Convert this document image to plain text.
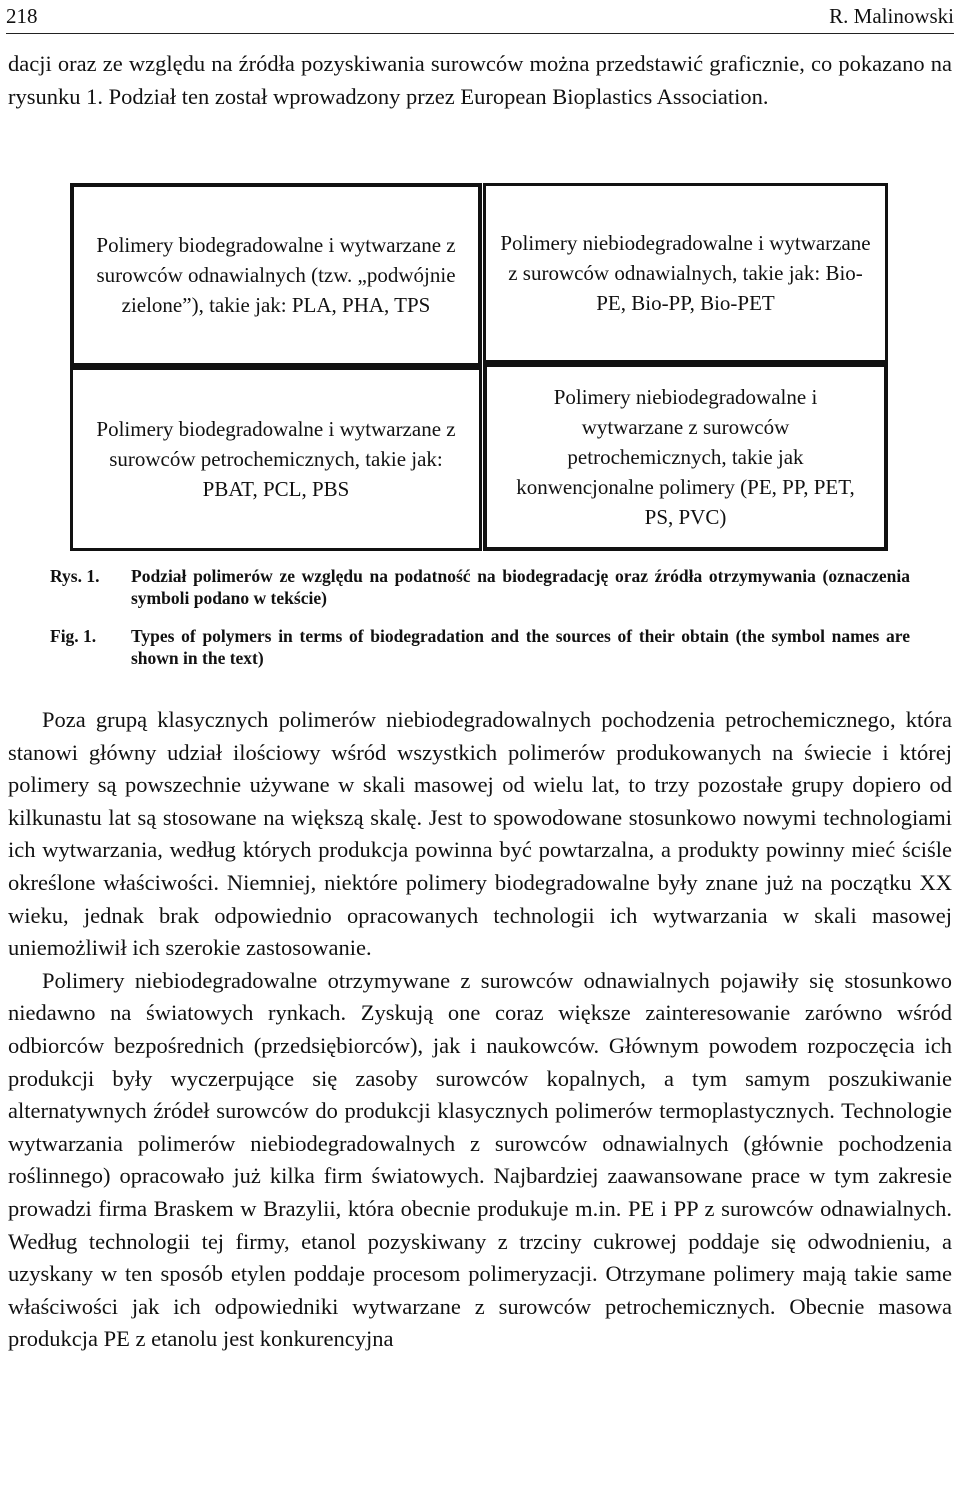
218	R. Malinowski
dacji oraz ze względu na źródła pozyskiwania surowców można przedstawić graficznie, co pokazano na rysunku 1. Podział ten został wprowadzony przez European Bioplastics Association.
Polimery biodegradowalne i wytwarzane z surowców odnawialnych (tzw. „podwójnie zielone”), takie jak: PLA, PHA, TPS
Polimery niebiodegradowalne i wytwarzane z surowców odnawialnych, takie jak: Bio-PE, Bio-PP, Bio-PET
Polimery biodegradowalne i wytwarzane z surowców petrochemicznych, takie jak: PBAT, PCL, PBS
Polimery niebiodegradowalne i wytwarzane z surowców petrochemicznych, takie jak konwencjonalne polimery (PE, PP, PET, PS, PVC)
Rys. 1.	Podział polimerów ze względu na podatność na biodegradację oraz źródła otrzymywania (oznaczenia symboli podano w tekście)
Fig. 1.	Types of polymers in terms of biodegradation and the sources of their obtain (the symbol names are shown in the text)

Poza grupą klasycznych polimerów niebiodegradowalnych pochodzenia petrochemicznego, która stanowi główny udział ilościowy wśród wszystkich polimerów produkowanych na świecie i której polimery są powszechnie używane w skali masowej od wielu lat, to trzy pozostałe grupy dopiero od kilkunastu lat są stosowane na większą skalę. Jest to spowodowane stosunkowo nowymi technologiami ich wytwarzania, według których produkcja powinna być powtarzalna, a produkty powinny mieć ściśle określone właściwości. Niemniej, niektóre polimery biodegradowalne były znane już na początku XX wieku, jednak brak odpowiednio opracowanych technologii ich wytwarzania w skali masowej uniemożliwił ich szerokie zastosowanie.

Polimery niebiodegradowalne otrzymywane z surowców odnawialnych pojawiły się stosunkowo niedawno na światowych rynkach. Zyskują one coraz większe zainteresowanie zarówno wśród odbiorców bezpośrednich (przedsiębiorców), jak i naukowców. Głównym powodem rozpoczęcia ich produkcji były wyczerpujące się zasoby surowców kopalnych, a tym samym poszukiwanie alternatywnych źródeł surowców do produkcji klasycznych polimerów termoplastycznych. Technologie wytwarzania polimerów niebiodegradowalnych z surowców odnawialnych (głównie pochodzenia roślinnego) opracowało już kilka firm światowych. Najbardziej zaawansowane prace w tym zakresie prowadzi firma Braskem w Brazylii, która obecnie produkuje m.in. PE i PP z surowców odnawialnych. Według technologii tej firmy, etanol pozyskiwany z trzciny cukrowej poddaje się odwodnieniu, a uzyskany w ten sposób etylen poddaje procesom polimeryzacji. Otrzymane polimery mają takie same właściwości jak ich odpowiedniki wytwarzane z surowców petrochemicznych. Obecnie masowa produkcja PE z etanolu jest konkurencyjna
